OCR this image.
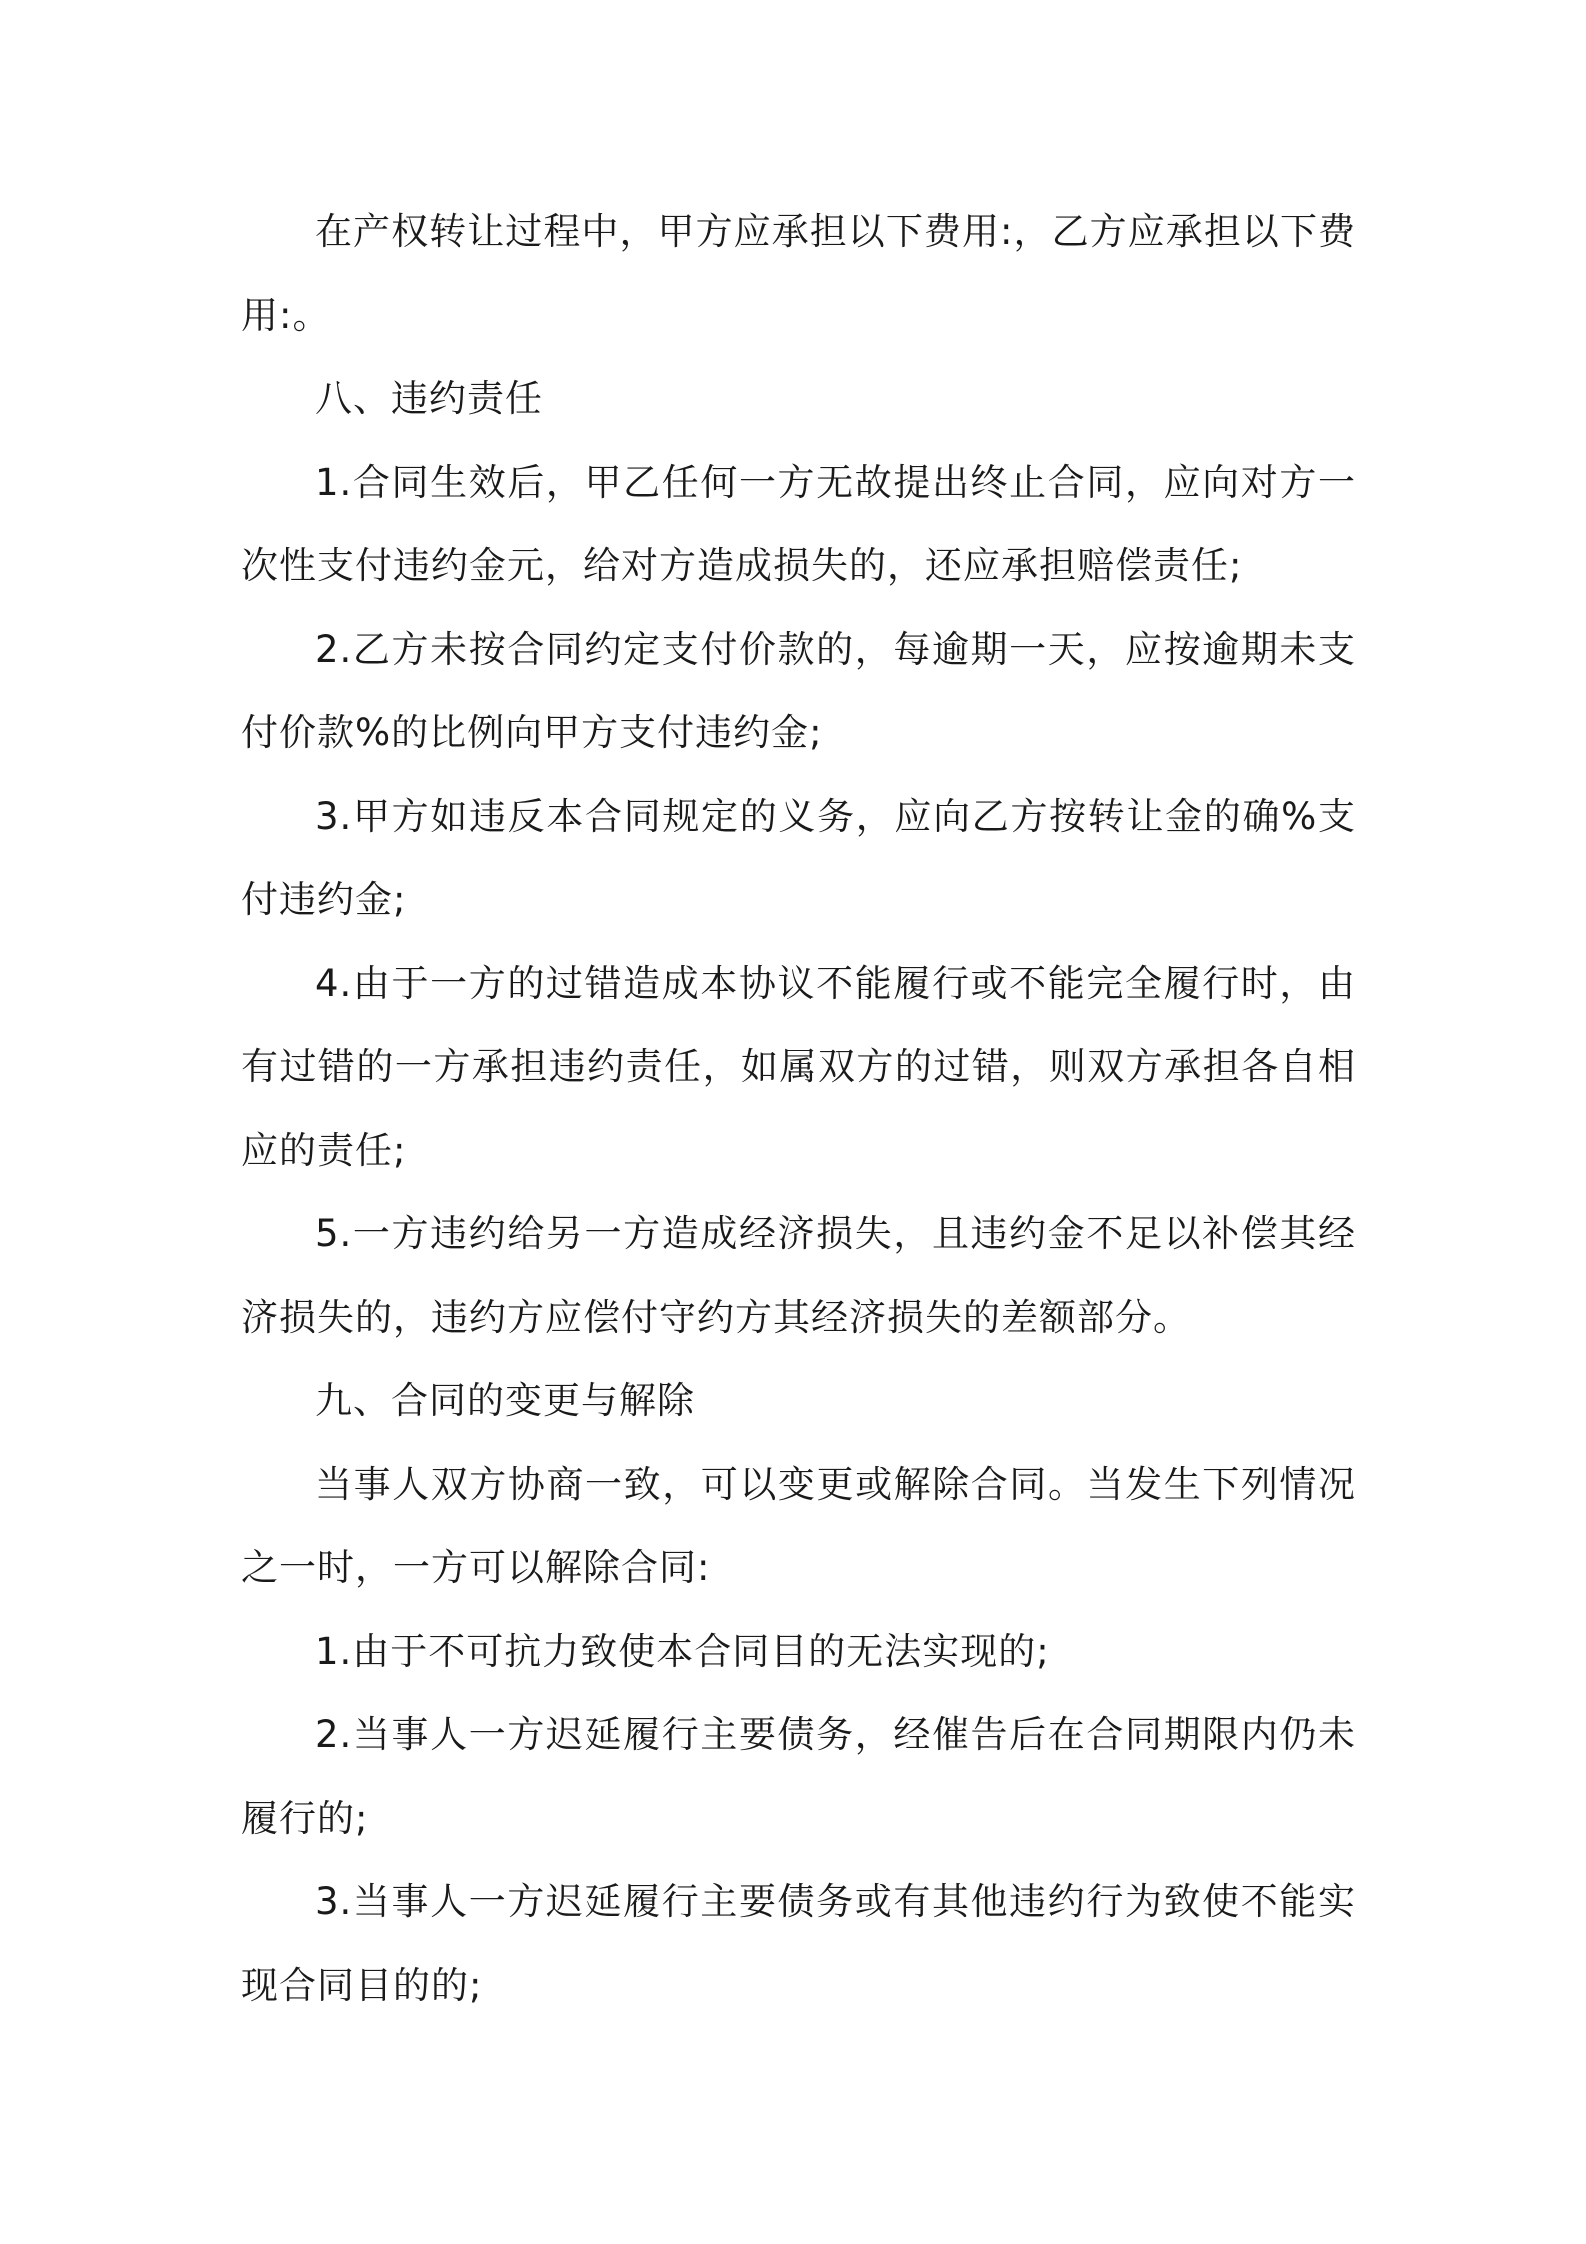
在产权转让过程中，甲方应承担以下费用:，乙方应承担以下费用:。

八、违约责任

1.合同生效后，甲乙任何一方无故提出终止合同，应向对方一次性支付违约金元，给对方造成损失的，还应承担赔偿责任;

2.乙方未按合同约定支付价款的，每逾期一天，应按逾期未支付价款%的比例向甲方支付违约金;

3.甲方如违反本合同规定的义务，应向乙方按转让金的确%支付违约金;

4.由于一方的过错造成本协议不能履行或不能完全履行时，由有过错的一方承担违约责任，如属双方的过错，则双方承担各自相应的责任;

5.一方违约给另一方造成经济损失，且违约金不足以补偿其经济损失的，违约方应偿付守约方其经济损失的差额部分。

九、合同的变更与解除

当事人双方协商一致，可以变更或解除合同。当发生下列情况之一时，一方可以解除合同:

1.由于不可抗力致使本合同目的无法实现的;

2.当事人一方迟延履行主要债务，经催告后在合同期限内仍未履行的;

3.当事人一方迟延履行主要债务或有其他违约行为致使不能实现合同目的的;
